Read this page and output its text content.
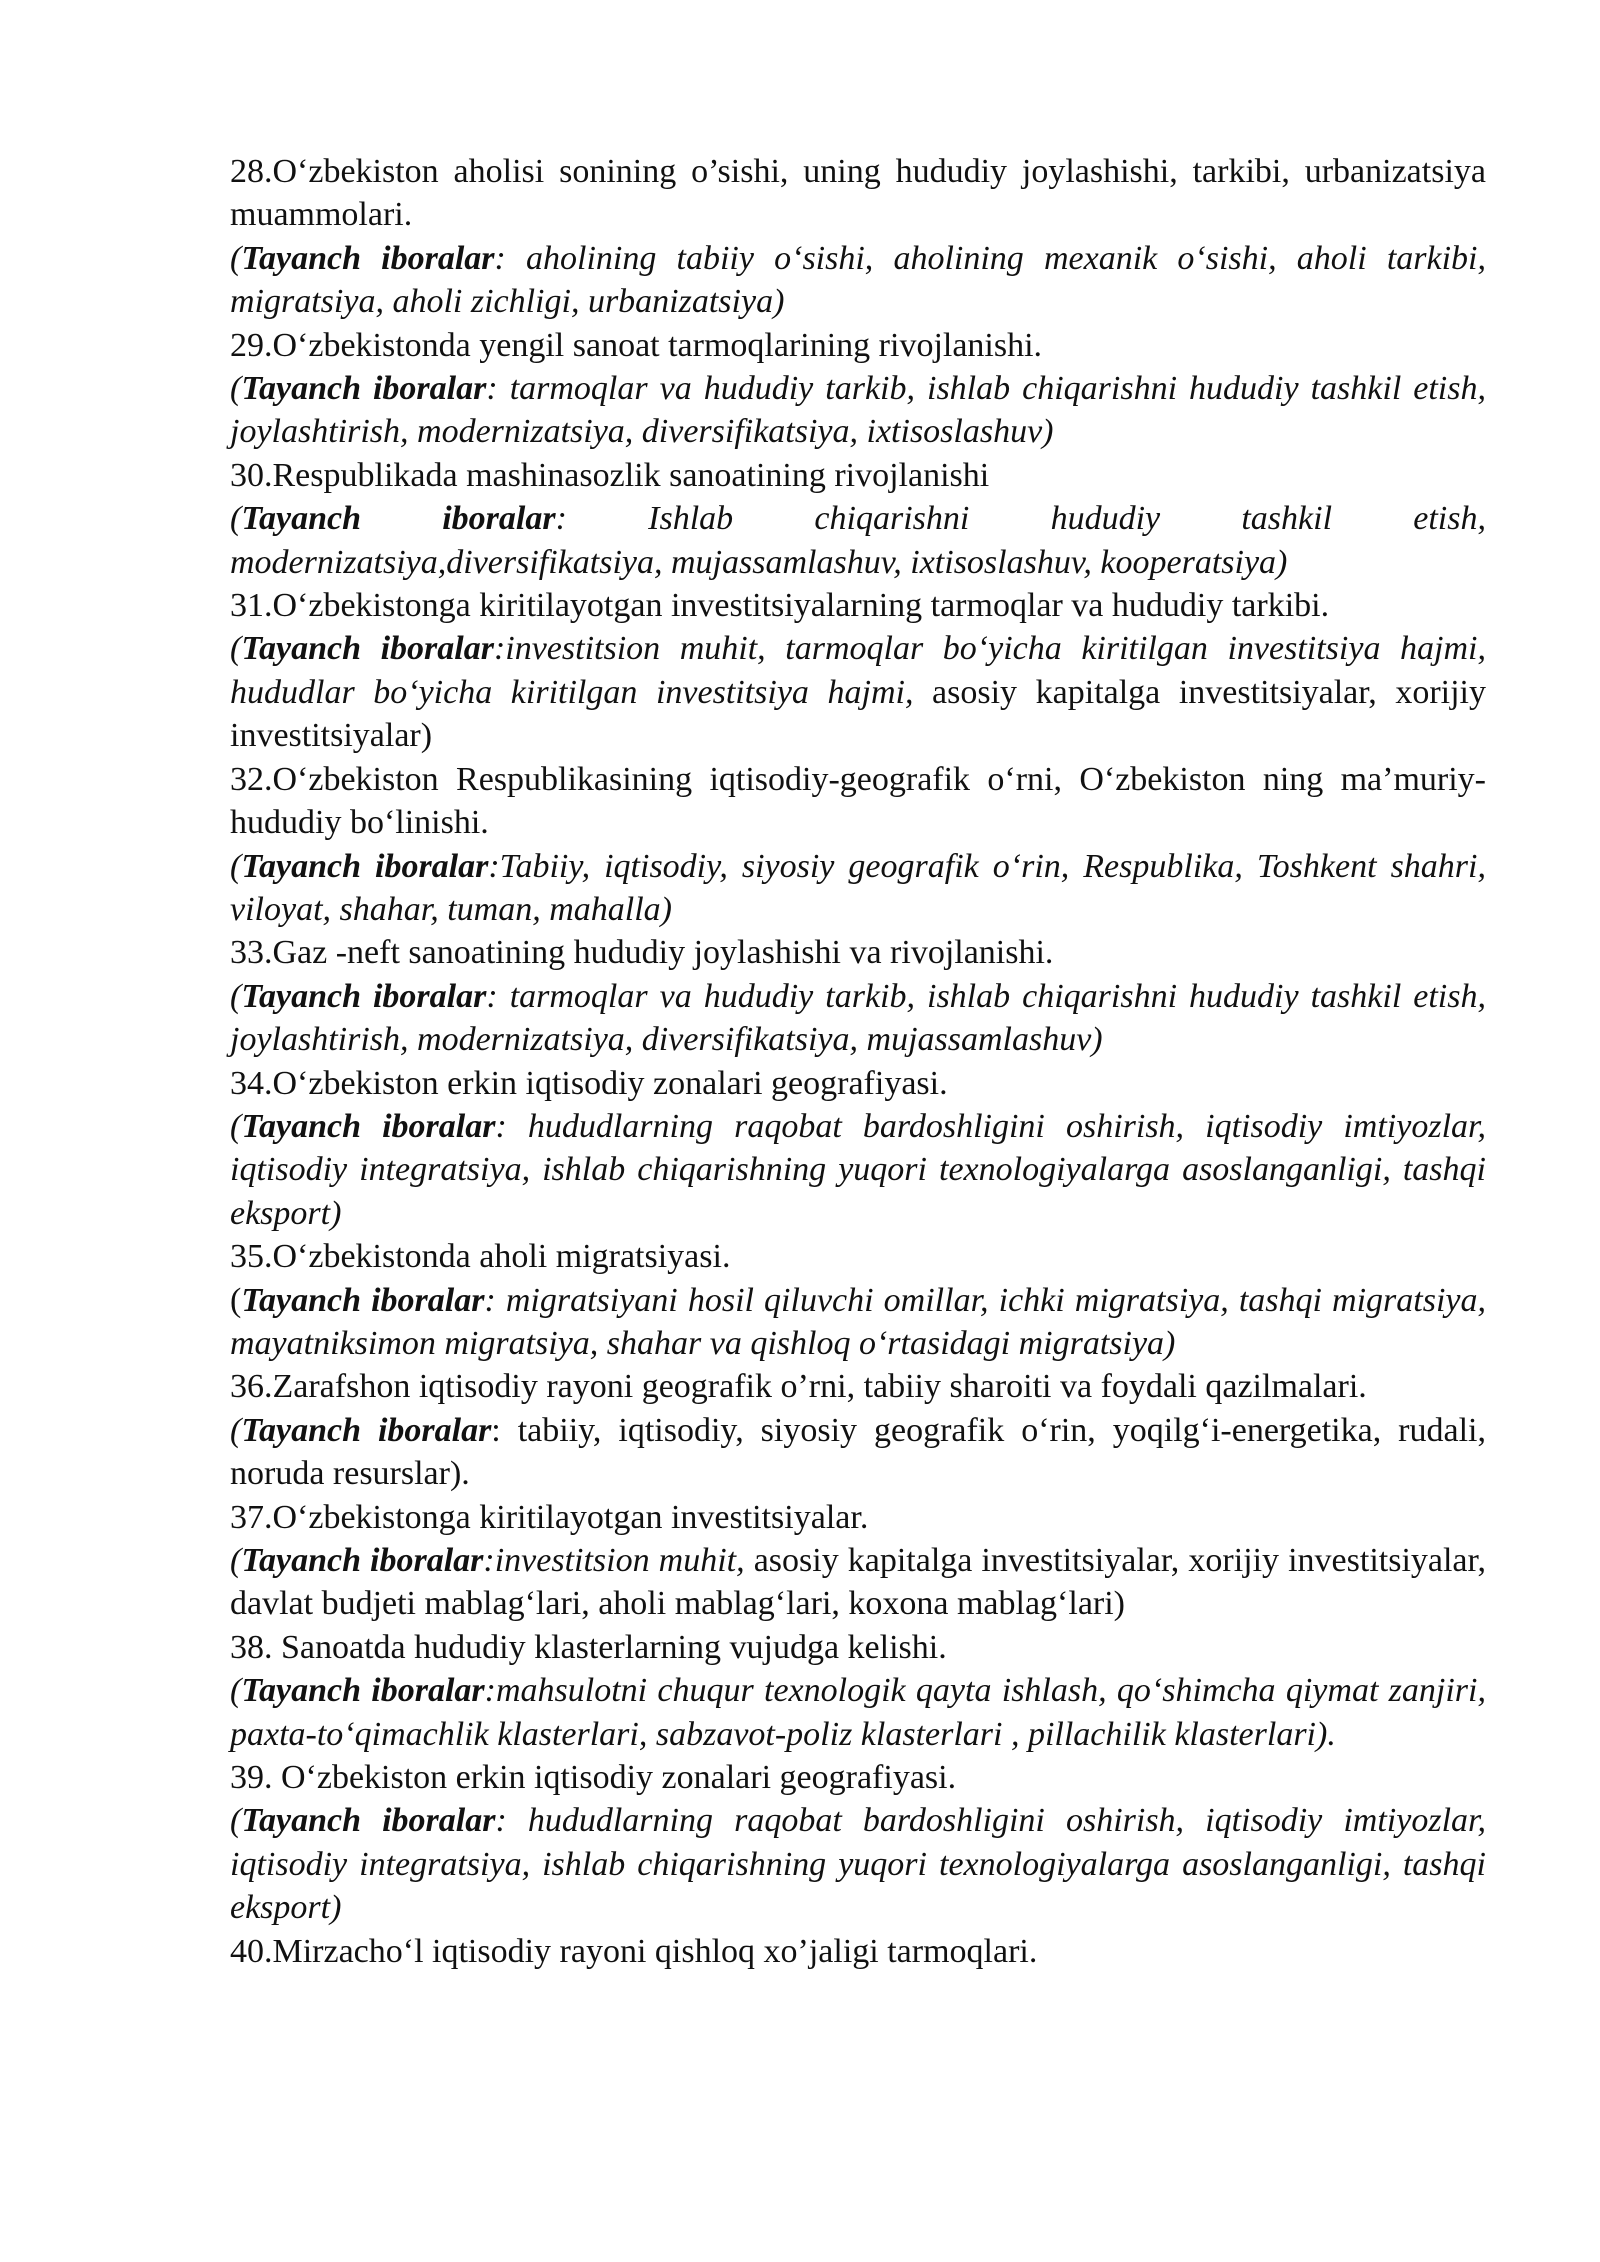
28.O‘zbekiston aholisi sonining o’sishi, uning hududiy joylashishi, tarkibi, urbanizatsiya muammolari.

(Tayanch iboralar: aholining tabiiy o‘sishi, aholining mexanik o‘sishi, aholi tarkibi, migratsiya, aholi zichligi, urbanizatsiya)

29.O‘zbekistonda yengil sanoat tarmoqlarining rivojlanishi.

(Tayanch iboralar: tarmoqlar va hududiy tarkib, ishlab chiqarishni hududiy tashkil etish, joylashtirish, modernizatsiya, diversifikatsiya, ixtisoslashuv)

30.Respublikada mashinasozlik sanoatining rivojlanishi

(Tayanch iboralar: Ishlab chiqarishni hududiy tashkil etish, modernizatsiya,diversifikatsiya, mujassamlashuv, ixtisoslashuv, kooperatsiya)

31.O‘zbekistonga kiritilayotgan investitsiyalarning tarmoqlar va hududiy tarkibi.

(Tayanch iboralar:investitsion muhit, tarmoqlar bo‘yicha kiritilgan investitsiya hajmi, hududlar bo‘yicha kiritilgan investitsiya hajmi, asosiy kapitalga investitsiyalar, xorijiy investitsiyalar)

32.O‘zbekiston Respublikasining iqtisodiy-geografik o‘rni, O‘zbekiston ning ma’muriy-hududiy bo‘linishi.

(Tayanch iboralar:Tabiiy, iqtisodiy, siyosiy geografik o‘rin, Respublika, Toshkent shahri, viloyat, shahar, tuman, mahalla)

33.Gaz -neft sanoatining hududiy joylashishi va rivojlanishi.

(Tayanch iboralar: tarmoqlar va hududiy tarkib, ishlab chiqarishni hududiy tashkil etish, joylashtirish, modernizatsiya, diversifikatsiya, mujassamlashuv)

34.O‘zbekiston erkin iqtisodiy zonalari geografiyasi.

(Tayanch iboralar: hududlarning raqobat bardoshligini oshirish, iqtisodiy imtiyozlar, iqtisodiy integratsiya, ishlab chiqarishning yuqori texnologiyalarga asoslanganligi, tashqi eksport)

35.O‘zbekistonda aholi migratsiyasi.

(Tayanch iboralar: migratsiyani hosil qiluvchi omillar, ichki migratsiya, tashqi migratsiya, mayatniksimon migratsiya, shahar va qishloq o‘rtasidagi migratsiya)

36.Zarafshon iqtisodiy rayoni geografik o’rni, tabiiy sharoiti va foydali qazilmalari.

(Tayanch iboralar: tabiiy, iqtisodiy, siyosiy geografik o‘rin, yoqilg‘i-energetika, rudali, noruda resurslar).

37.O‘zbekistonga kiritilayotgan investitsiyalar.

(Tayanch iboralar:investitsion muhit, asosiy kapitalga investitsiyalar, xorijiy investitsiyalar, davlat budjeti mablag‘lari, aholi mablag‘lari, koxona mablag‘lari)

38. Sanoatda hududiy klasterlarning vujudga kelishi.

(Tayanch iboralar:mahsulotni chuqur texnologik qayta ishlash, qo‘shimcha qiymat zanjiri, paxta-to‘qimachlik klasterlari, sabzavot-poliz klasterlari , pillachilik klasterlari).

39. O‘zbekiston erkin iqtisodiy zonalari geografiyasi.

(Tayanch iboralar: hududlarning raqobat bardoshligini oshirish, iqtisodiy imtiyozlar, iqtisodiy integratsiya, ishlab chiqarishning yuqori texnologiyalarga asoslanganligi, tashqi eksport)

40.Mirzacho‘l iqtisodiy rayoni qishloq xo’jaligi tarmoqlari.
